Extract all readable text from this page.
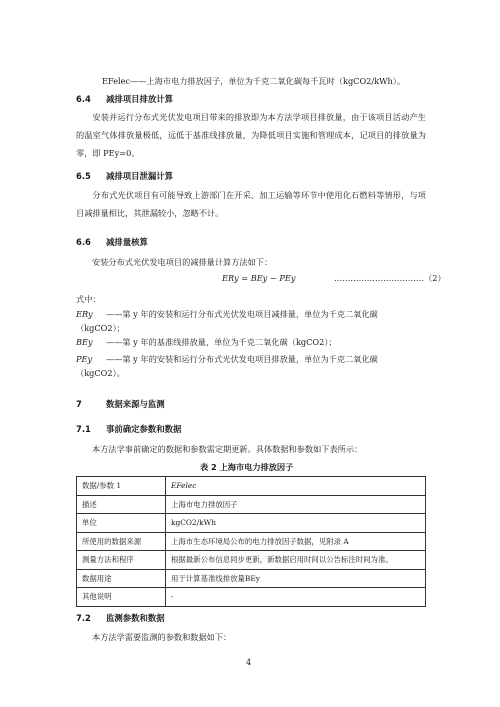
EFelec——上海市电力排放因子，单位为千克二氧化碳每千瓦时（kgCO2/kWh）。
6.4 减排项目排放计算
安装并运行分布式光伏发电项目带来的排放即为本方法学项目排放量，由于该项目活动产生的温室气体排放量极低，远低于基准线排放量，为降低项目实施和管理成本，记项目的排放量为零，即 PEy=0。
6.5 减排项目泄漏计算
分布式光伏项目有可能导致上游部门在开采、加工运输等环节中使用化石燃料等情形，与项目减排量相比，其泄漏较小，忽略不计。
6.6 减排量核算
安装分布式光伏发电项目的减排量计算方法如下：
ERy = BEy − PEy	……………………………（2）
式中：
ERy ——第 y 年的安装和运行分布式光伏发电项目减排量，单位为千克二氧化碳
（kgCO2）；
BEy ——第 y 年的基准线排放量，单位为千克二氧化碳（kgCO2）；
PEy ——第 y 年的安装和运行分布式光伏发电项目排放量，单位为千克二氧化碳
（kgCO2）。
7	数据来源与监测
7.1 事前确定参数和数据
本方法学事前确定的数据和参数需定期更新。具体数据和参数如下表所示：
表 2 上海市电力排放因子
数据/参数 1	EFelec
描述	上海市电力排放因子
单位	kgCO2/kWh
所使用的数据来源	上海市生态环境局公布的电力排放因子数据，见附录 A
测量方法和程序	根据最新公布信息同步更新，新数据启用时间以公告标注时间为准。
数据用途	用于计算基准线排放量BEy
其他说明	-
7.2 监测参数和数据
本方法学需要监测的参数和数据如下：
4
